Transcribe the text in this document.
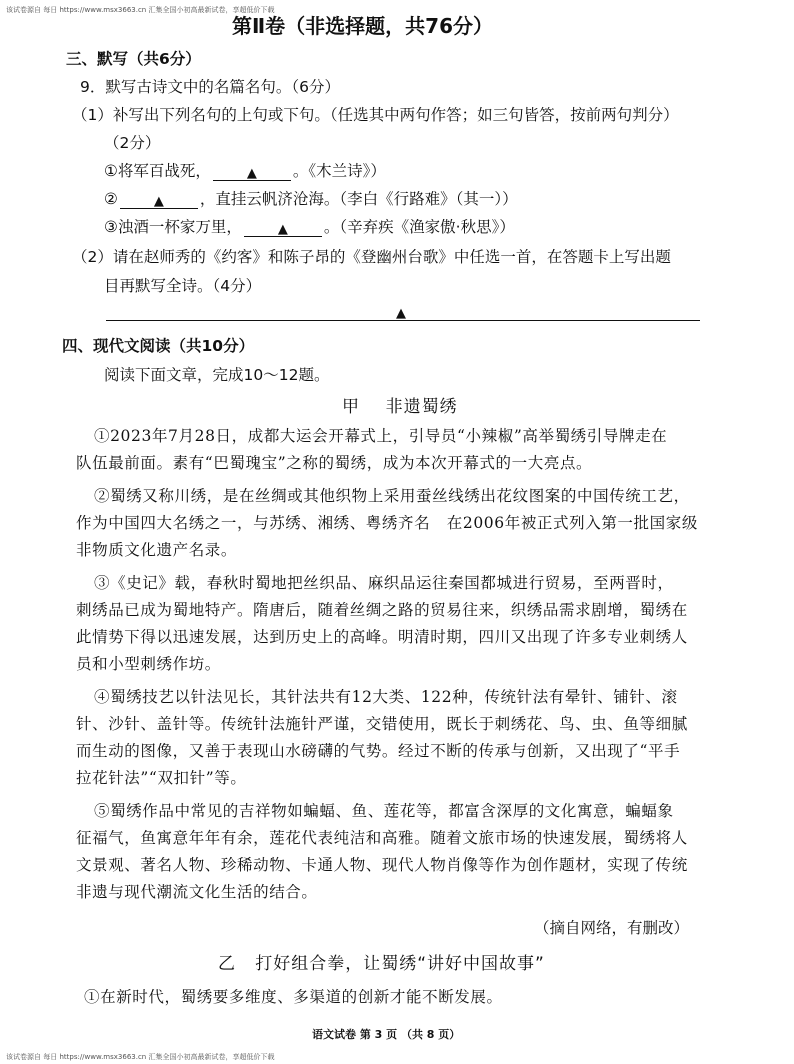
该试卷源自 每日 https://www.msx3663.cn 汇集全国小初高最新试卷，享超低价下载
该试卷源自 每日 https://www.msx3663.cn 汇集全国小初高最新试卷，享超低价下载
第Ⅱ卷（非选择题，共76分）
三、默写（共6分）
9．默写古诗文中的名篇名句。（6分）
（1）补写出下列名句的上句或下句。（任选其中两句作答；如三句皆答，按前两句判分）
（2分）
①将军百战死，	▲ 。《木兰诗》）
②	▲ ，直挂云帆济沧海。（李白《行路难》（其一））
③浊酒一杯家万里，	▲ 。（辛弃疾《渔家傲·秋思》）
（2）请在赵师秀的《约客》和陈子昂的《登幽州台歌》中任选一首，在答题卡上写出题
目再默写全诗。（4分）
▲
四、现代文阅读（共10分）
阅读下面文章，完成10～12题。
甲    非遗蜀绣
①2023年7月28日，成都大运会开幕式上，引导员“小辣椒”高举蜀绣引导牌走在
队伍最前面。素有“巴蜀瑰宝”之称的蜀绣，成为本次开幕式的一大亮点。
②蜀绣又称川绣，是在丝绸或其他织物上采用蚕丝线绣出花纹图案的中国传统工艺，
作为中国四大名绣之一，与苏绣、湘绣、粤绣齐名   在2006年被正式列入第一批国家级
非物质文化遗产名录。
③《史记》载，春秋时蜀地把丝织品、麻织品运往秦国都城进行贸易，至两晋时，
刺绣品已成为蜀地特产。隋唐后，随着丝绸之路的贸易往来，织绣品需求剧增，蜀绣在
此情势下得以迅速发展，达到历史上的高峰。明清时期，四川又出现了许多专业刺绣人
员和小型刺绣作坊。
④蜀绣技艺以针法见长，其针法共有12大类、122种，传统针法有晕针、铺针、滚
针、沙针、盖针等。传统针法施针严谨，交错使用，既长于刺绣花、鸟、虫、鱼等细腻
而生动的图像，又善于表现山水磅礴的气势。经过不断的传承与创新，又出现了“平手
拉花针法”“双扣针”等。
⑤蜀绣作品中常见的吉祥物如蝙蝠、鱼、莲花等，都富含深厚的文化寓意，蝙蝠象
征福气，鱼寓意年年有余，莲花代表纯洁和高雅。随着文旅市场的快速发展，蜀绣将人
文景观、著名人物、珍稀动物、卡通人物、现代人物肖像等作为创作题材，实现了传统
非遗与现代潮流文化生活的结合。
（摘自网络，有删改）
乙   打好组合拳，让蜀绣“讲好中国故事”
①在新时代，蜀绣要多维度、多渠道的创新才能不断发展。
语文试卷 第 3 页 （共 8 页）
